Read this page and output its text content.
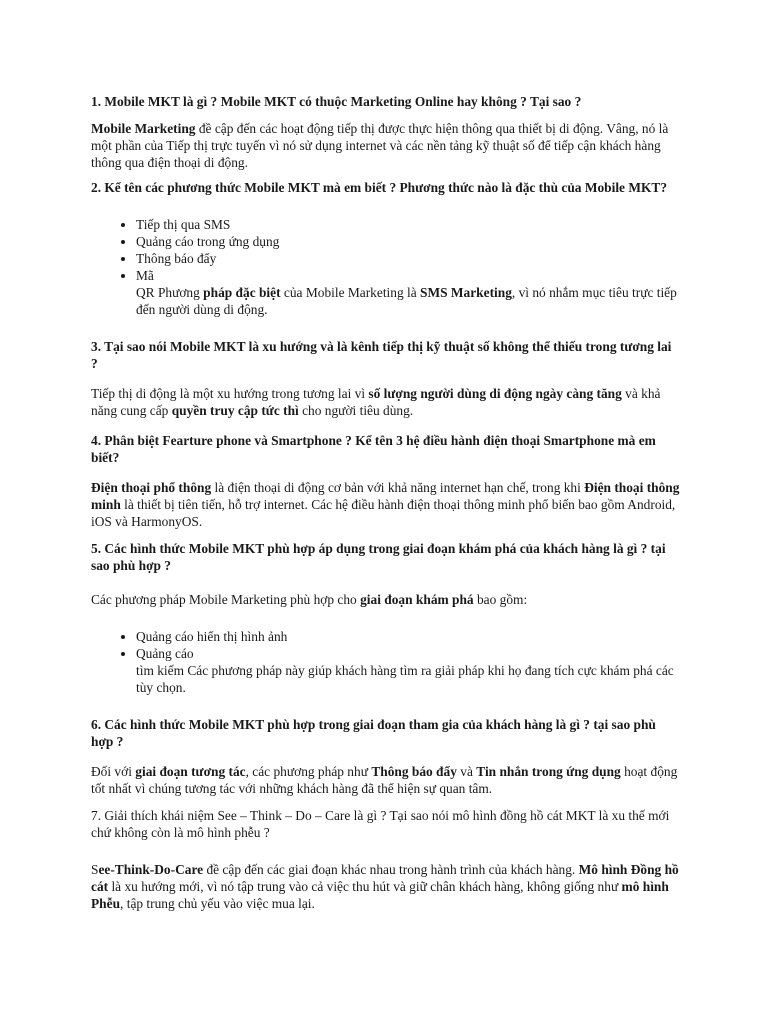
1. Mobile MKT là gì ? Mobile MKT có thuộc Marketing Online hay không ? Tại sao ?

Mobile Marketing đề cập đến các hoạt động tiếp thị được thực hiện thông qua thiết bị di động. Vâng, nó là một phần của Tiếp thị trực tuyến vì nó sử dụng internet và các nền tảng kỹ thuật số để tiếp cận khách hàng thông qua điện thoại di động.

2. Kể tên các phương thức Mobile MKT mà em biết ? Phương thức nào là đặc thù của Mobile MKT?

• Tiếp thị qua SMS
• Quảng cáo trong ứng dụng
• Thông báo đẩy
• Mã
QR Phương pháp đặc biệt của Mobile Marketing là SMS Marketing, vì nó nhắm mục tiêu trực tiếp đến người dùng di động.

3. Tại sao nói Mobile MKT là xu hướng và là kênh tiếp thị kỹ thuật số không thể thiếu trong tương lai ?

Tiếp thị di động là một xu hướng trong tương lai vì số lượng người dùng di động ngày càng tăng và khả năng cung cấp quyền truy cập tức thì cho người tiêu dùng.

4. Phân biệt Fearture phone và Smartphone ? Kể tên 3 hệ điều hành điện thoại Smartphone mà em biết?

Điện thoại phổ thông là điện thoại di động cơ bản với khả năng internet hạn chế, trong khi Điện thoại thông minh là thiết bị tiên tiến, hỗ trợ internet. Các hệ điều hành điện thoại thông minh phổ biến bao gồm Android, iOS và HarmonyOS.

5. Các hình thức Mobile MKT phù hợp áp dụng trong giai đoạn khám phá của khách hàng là gì ? tại sao phù hợp ?

Các phương pháp Mobile Marketing phù hợp cho giai đoạn khám phá bao gồm:

• Quảng cáo hiển thị hình ảnh
• Quảng cáo
tìm kiếm Các phương pháp này giúp khách hàng tìm ra giải pháp khi họ đang tích cực khám phá các tùy chọn.

6. Các hình thức Mobile MKT phù hợp trong giai đoạn tham gia của khách hàng là gì ? tại sao phù hợp ?

Đối với giai đoạn tương tác, các phương pháp như Thông báo đẩy và Tin nhắn trong ứng dụng hoạt động tốt nhất vì chúng tương tác với những khách hàng đã thể hiện sự quan tâm.

7. Giải thích khái niệm See – Think – Do – Care là gì ? Tại sao nói mô hình đồng hồ cát MKT là xu thế mới chứ không còn là mô hình phễu ?

See-Think-Do-Care đề cập đến các giai đoạn khác nhau trong hành trình của khách hàng. Mô hình Đồng hồ cát là xu hướng mới, vì nó tập trung vào cả việc thu hút và giữ chân khách hàng, không giống như mô hình Phễu, tập trung chủ yếu vào việc mua lại.
